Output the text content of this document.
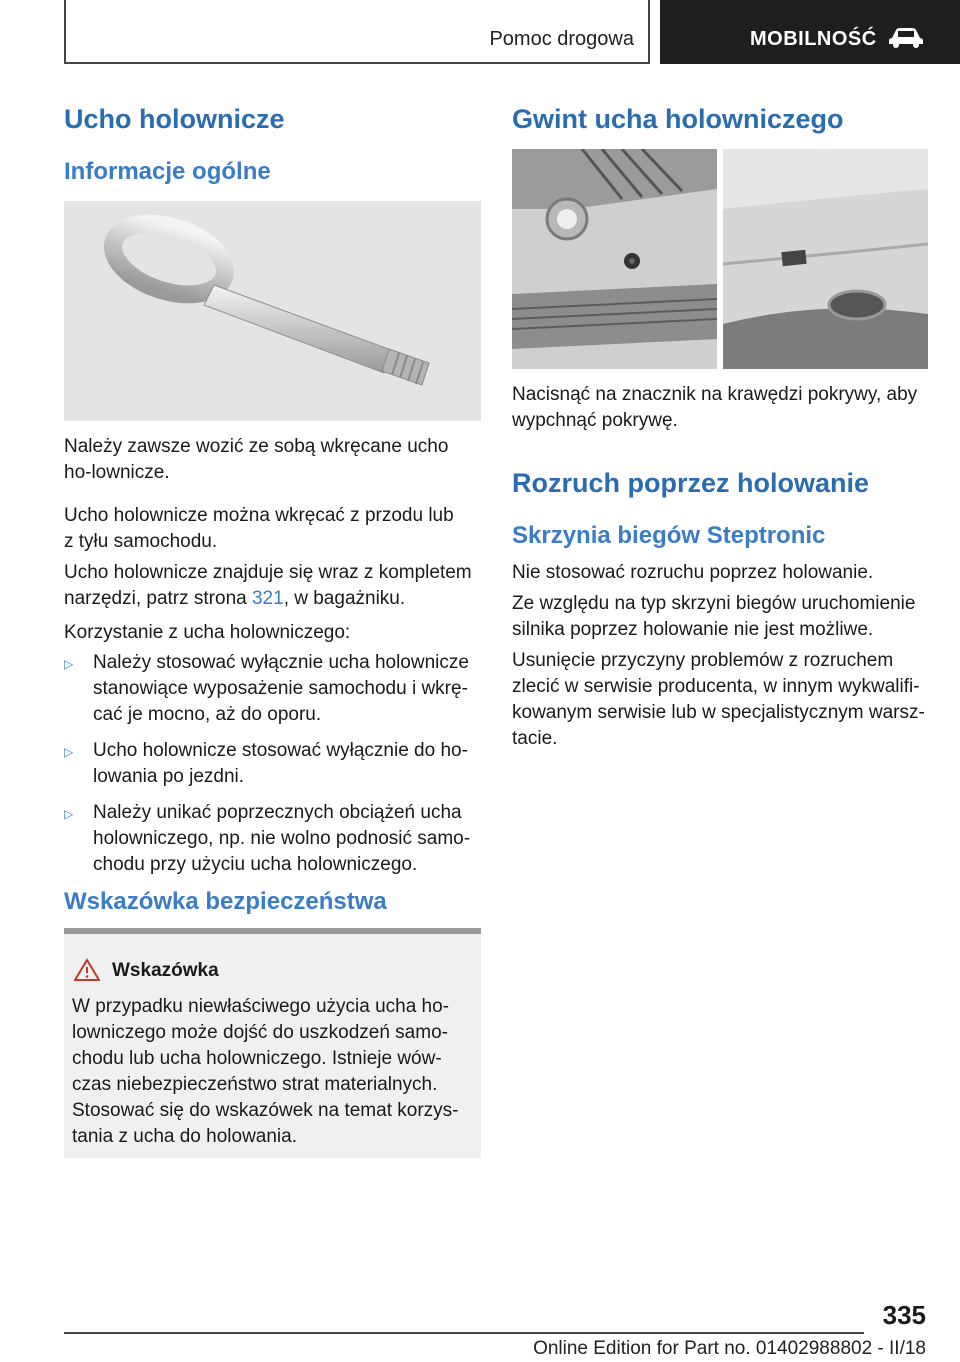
Pomoc drogowa	MOBILNOŚĆ
Ucho holownicze
Informacje ogólne

Należy zawsze wozić ze sobą wkręcane ucho ho-lownicze.

Ucho holownicze można wkręcać z przodu lub z tyłu samochodu.

Ucho holownicze znajduje się wraz z kompletem narzędzi, patrz strona 321, w bagażniku.

Korzystanie z ucha holowniczego:

▷ Należy stosować wyłącznie ucha holownicze stanowiące wyposażenie samochodu i wkrę-cać je mocno, aż do oporu.
▷ Ucho holownicze stosować wyłącznie do ho-lowania po jezdni.
▷ Należy unikać poprzecznych obciążeń ucha holowniczego, np. nie wolno podnosić samo-chodu przy użyciu ucha holowniczego.
Wskazówka bezpieczeństwa
Wskazówka

W przypadku niewłaściwego użycia ucha ho-lowniczego może dojść do uszkodzeń samo-chodu lub ucha holowniczego. Istnieje wów-czas niebezpieczeństwo strat materialnych. Stosować się do wskazówek na temat korzys-tania z ucha do holowania.

Gwint ucha holowniczego

Nacisnąć na znacznik na krawędzi pokrywy, aby wypchnąć pokrywę.

Rozruch poprzez holowanie
Skrzynia biegów Steptronic

Nie stosować rozruchu poprzez holowanie.

Ze względu na typ skrzyni biegów uruchomienie silnika poprzez holowanie nie jest możliwe.

Usunięcie przyczyny problemów z rozruchem zlecić w serwisie producenta, w innym wykwalifi-kowanym serwisie lub w specjalistycznym warsz-tacie.

335
Online Edition for Part no. 01402988802 - II/18
